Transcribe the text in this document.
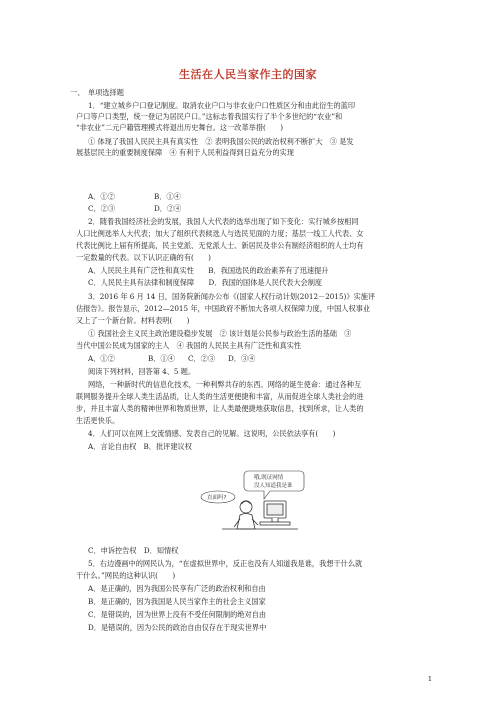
生活在人民当家作主的国家
一、　单项选择题
1．“建立城乡户口登记制度。取消农业户口与非农业户口性质区分和由此衍生的蓝印
户口等户口类型，统一登记为居民户口。”这标志着我国实行了半个多世纪的“农业”和
“非农业”二元户籍管理模式将退出历史舞台。这一改革举措(　　)
① 体现了我国人民民主具有真实性　② 表明我国公民的政治权利不断扩大　③ 是发
展基层民主的重要制度保障　④ 有利于人民利益得到日益充分的实现
A．①②	B．①④
C．②③	D．②④
2．随着我国经济社会的发展，我国人大代表的选举出现了如下变化：实行城乡按相同
人口比例选举人大代表；加大了组织代表候选人与选民见面的力度；基层一线工人代表、女
代表比例比上届有所提高，民主党派、无党派人士、新居民及非公有制经济组织的人士均有
一定数量的代表。以下认识正确的有(　　)
A．人民民主具有广泛性和真实性　　B．我国选民的政治素养有了迅速提升
C．人民民主具有法律和制度保障　　D．我国的国体是人民代表大会制度
3．2016 年 6 月 14 日，国务院新闻办公布《(国家人权行动计划(2012－2015)》实施评
估报告》。报告显示，2012—2015 年，中国政府不断加大各项人权保障力度，中国人权事业
又上了一个新台阶。材料表明(　　)
① 我国社会主义民主政治建设稳步发展　② 该计划是公民参与政治生活的基础　③
当代中国公民成为国家的主人　④ 我国的人民民主具有广泛性和真实性
A．①②	B．①④	C．②③	D．③④
阅读下列材料，回答第 4、5 题。
网络，一种新时代的信息化技术，一种利弊共存的东西。网络的诞生使命：通过各种互
联网服务提升全球人类生活品质，让人类的生活更便捷和丰富，从而促进全球人类社会的进
步，并且丰富人类的精神世界和物质世界，让人类最便捷地获取信息，找到所求，让人类的
生活更快乐。
4．人们可以在网上交流情感、发表自己的见解。这说明，公民依法享有(　　)
A．言论自由权　B．批评建议权
哦,既证网情
没人知道我是谁
直面吗?
C．申诉控告权　D．知情权
5．右边漫画中的网民认为，“在虚拟世界中，反正也没有人知道我是谁，我想干什么就
干什么。”网民的这种认识(　　)
A．是正确的，因为我国公民享有广泛的政治权利和自由
B．是正确的，因为我国是人民当家作主的社会主义国家
C．是错误的，因为世界上没有不受任何限制的绝对自由
D．是错误的，因为公民的政治自由仅存在于现实世界中
1
